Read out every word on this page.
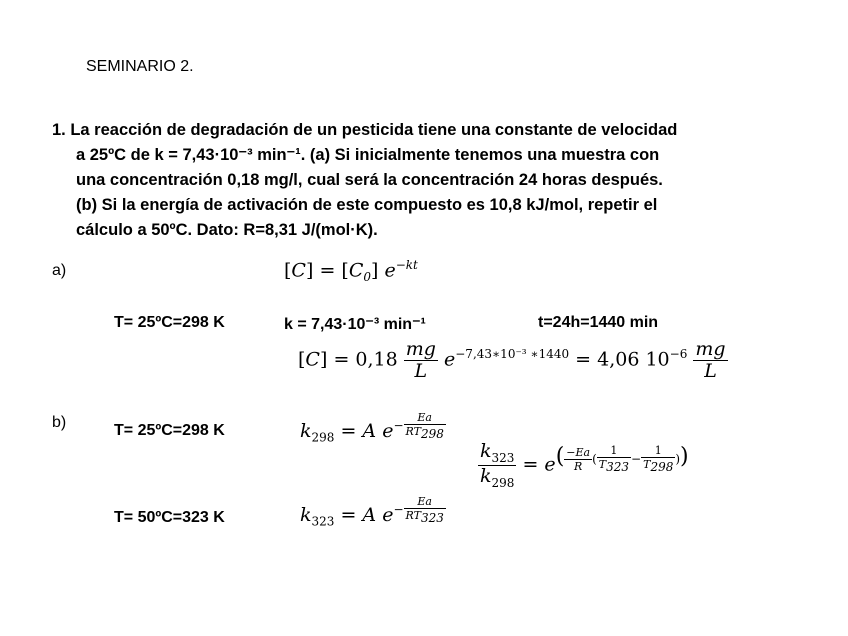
SEMINARIO 2.
1. La reacción de degradación de un pesticida tiene una constante de velocidad
a 25ºC de k = 7,43·10⁻³ min⁻¹. (a) Si inicialmente tenemos una muestra con
una concentración 0,18 mg/l, cual será la concentración 24 horas después.
(b) Si la energía de activación de este compuesto es 10,8 kJ/mol, repetir el
cálculo a 50ºC. Dato: R=8,31 J/(mol·K).
a)	$[C] = [C_0]$ $e^{-kt}$
T= 25ºC=298 K	k = 7,43·10⁻³ min⁻¹	t=24h=1440 min
$[C] = 0,18 \frac{mg}{L}$ e−7,43∗10⁻³ ∗1440 = 4,06 $10^{-6} \frac{mg}{L}$
b)	T= 25ºC=298 K	$k_{298} = A$ $e- \frac{Ea}{RT_{298}}$
$\frac{k_{323}}{k_{298}} = e( \frac{-Ea}{R}$ ( $\frac{1}{T_{323}} - \frac{1}{T_{298}}$ ))
T= 50ºC=323 K	$k_{323} = A$ $e- \frac{Ea}{RT_{323}}$
